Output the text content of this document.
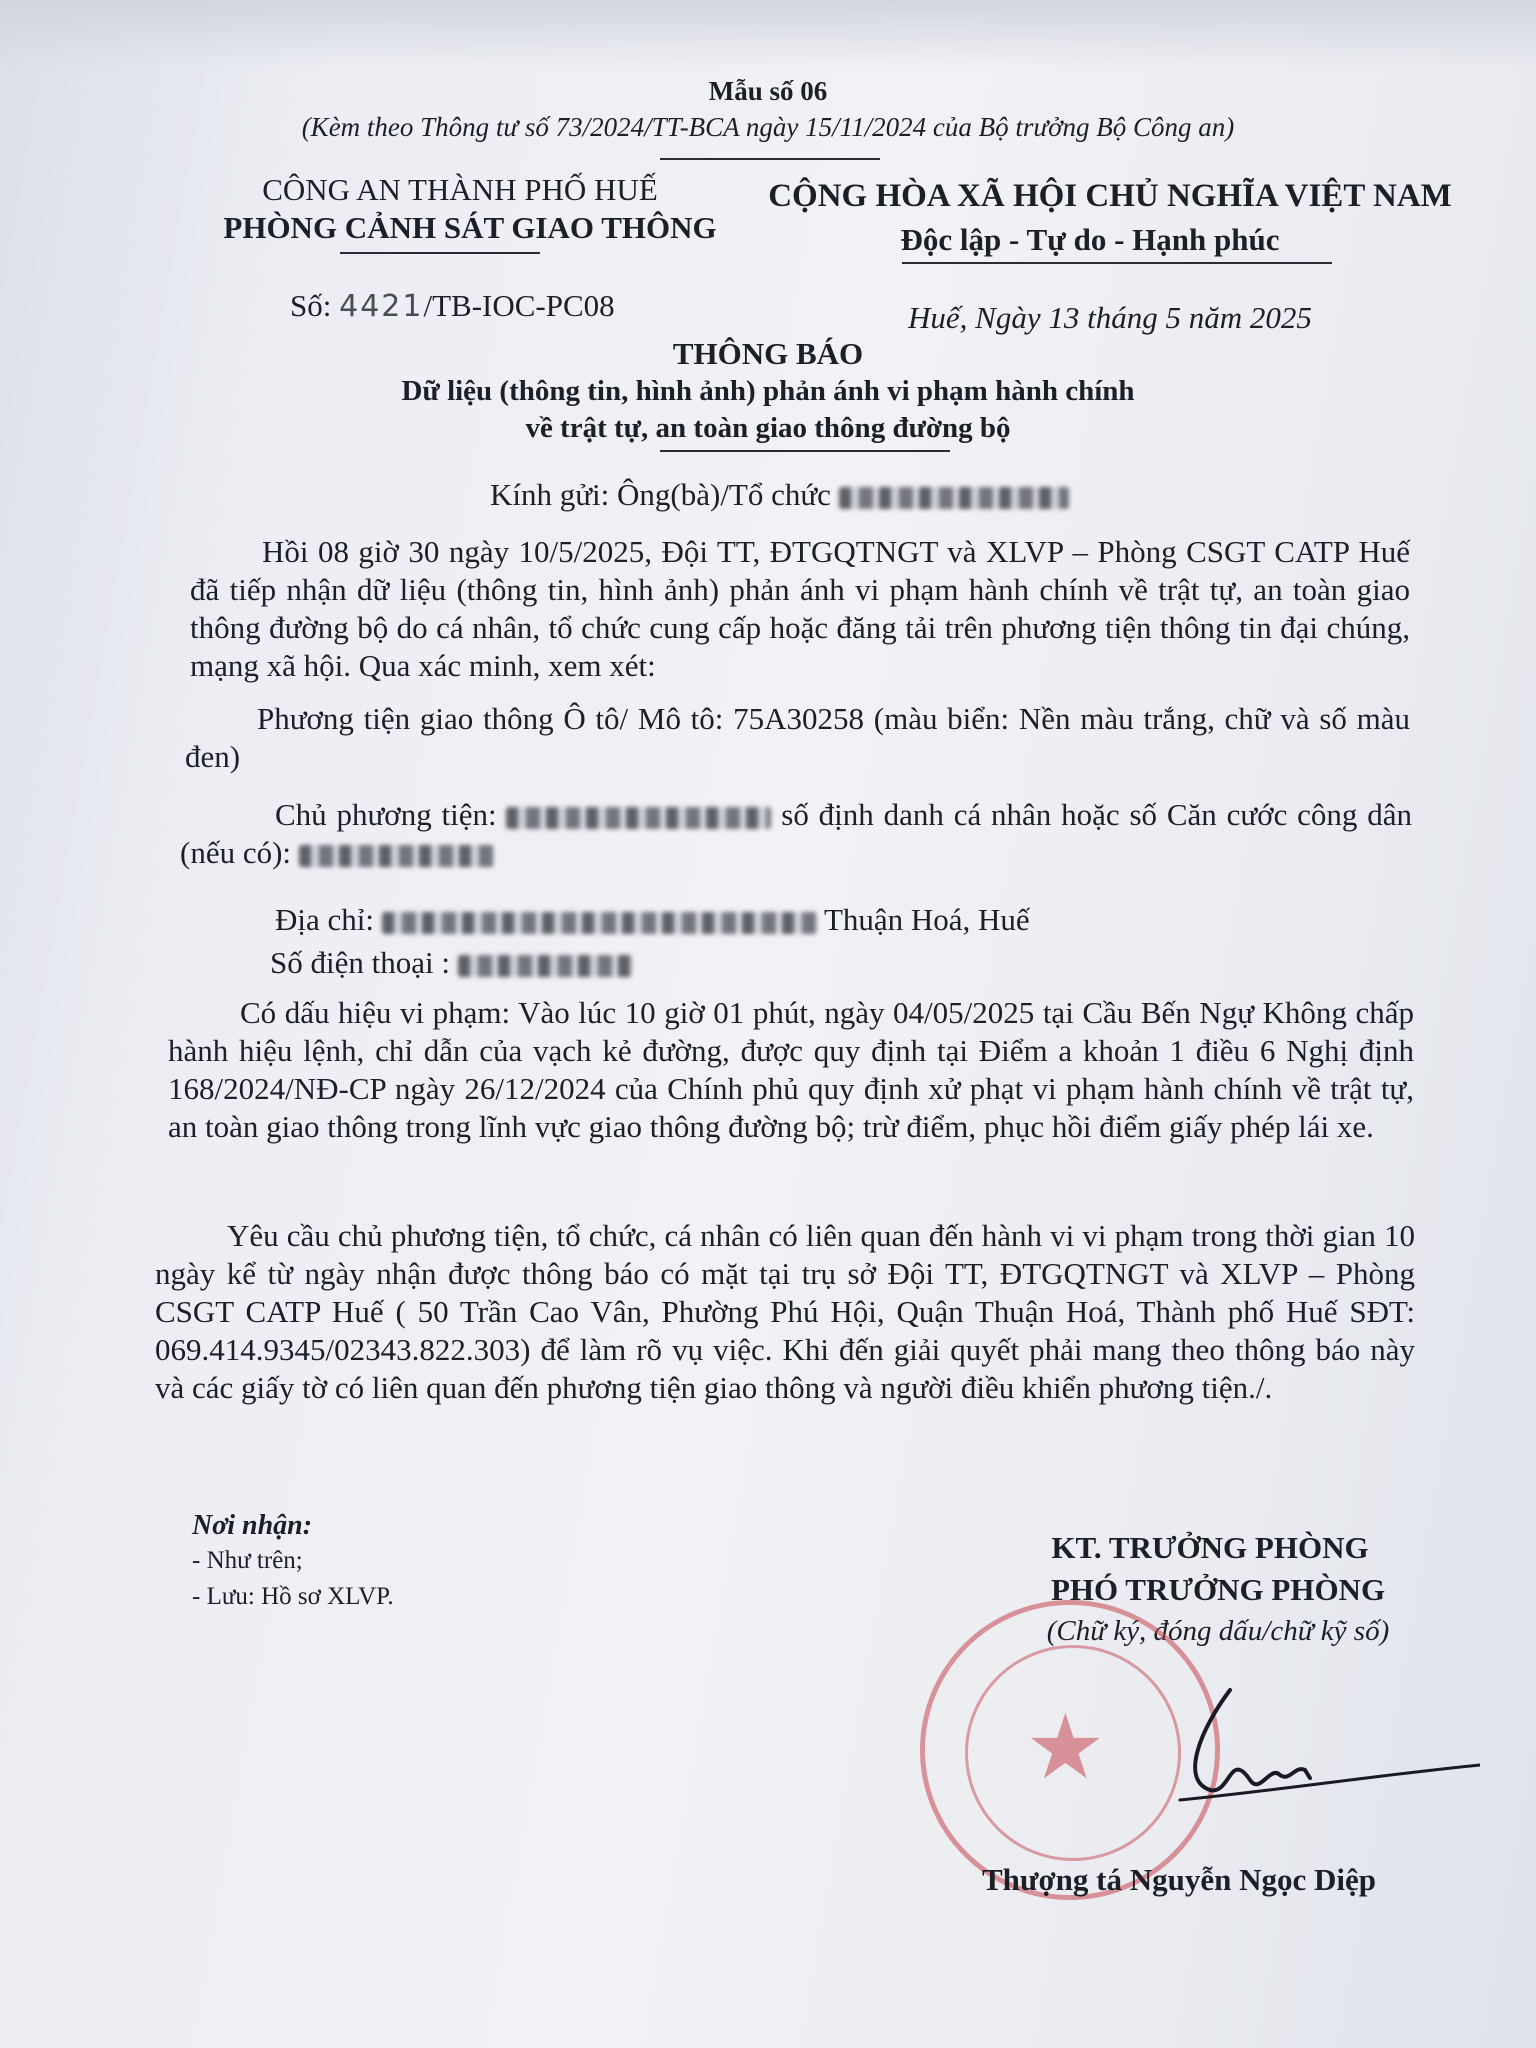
Mẫu số 06
(Kèm theo Thông tư số 73/2024/TT-BCA ngày 15/11/2024 của Bộ trưởng Bộ Công an)
CÔNG AN THÀNH PHỐ HUẾ
PHÒNG CẢNH SÁT GIAO THÔNG
CỘNG HÒA XÃ HỘI CHỦ NGHĨA VIỆT NAM
Độc lập - Tự do - Hạnh phúc
Số: 4421/TB-IOC-PC08	Huế, Ngày 13 tháng 5 năm 2025
THÔNG BÁO
Dữ liệu (thông tin, hình ảnh) phản ánh vi phạm hành chính
về trật tự, an toàn giao thông đường bộ
Kính gửi: Ông(bà)/Tổ chức
Hồi 08 giờ 30 ngày 10/5/2025, Đội TT, ĐTGQTNGT và XLVP – Phòng CSGT CATP Huế đã tiếp nhận dữ liệu (thông tin, hình ảnh) phản ánh vi phạm hành chính về trật tự, an toàn giao thông đường bộ do cá nhân, tổ chức cung cấp hoặc đăng tải trên phương tiện thông tin đại chúng, mạng xã hội. Qua xác minh, xem xét:
Phương tiện giao thông Ô tô/ Mô tô: 75A30258 (màu biển: Nền màu trắng, chữ và số màu đen)
Chủ phương tiện:	số định danh cá nhân hoặc số Căn cước công dân (nếu có):
Địa chỉ:	Thuận Hoá, Huế
Số điện thoại :
Có dấu hiệu vi phạm: Vào lúc 10 giờ 01 phút, ngày 04/05/2025 tại Cầu Bến Ngự Không chấp hành hiệu lệnh, chỉ dẫn của vạch kẻ đường, được quy định tại Điểm a khoản 1 điều 6 Nghị định 168/2024/NĐ-CP ngày 26/12/2024 của Chính phủ quy định xử phạt vi phạm hành chính về trật tự, an toàn giao thông trong lĩnh vực giao thông đường bộ; trừ điểm, phục hồi điểm giấy phép lái xe.
Yêu cầu chủ phương tiện, tổ chức, cá nhân có liên quan đến hành vi vi phạm trong thời gian 10 ngày kể từ ngày nhận được thông báo có mặt tại trụ sở Đội TT, ĐTGQTNGT và XLVP – Phòng CSGT CATP Huế ( 50 Trần Cao Vân, Phường Phú Hội, Quận Thuận Hoá, Thành phố Huế SĐT: 069.414.9345/02343.822.303) để làm rõ vụ việc. Khi đến giải quyết phải mang theo thông báo này và các giấy tờ có liên quan đến phương tiện giao thông và người điều khiển phương tiện./.
Nơi nhận:
- Như trên;
- Lưu: Hồ sơ XLVP.
KT. TRƯỞNG PHÒNG
PHÓ TRƯỞNG PHÒNG
(Chữ ký, đóng dấu/chữ kỹ số)
★
Thượng tá Nguyễn Ngọc Diệp
